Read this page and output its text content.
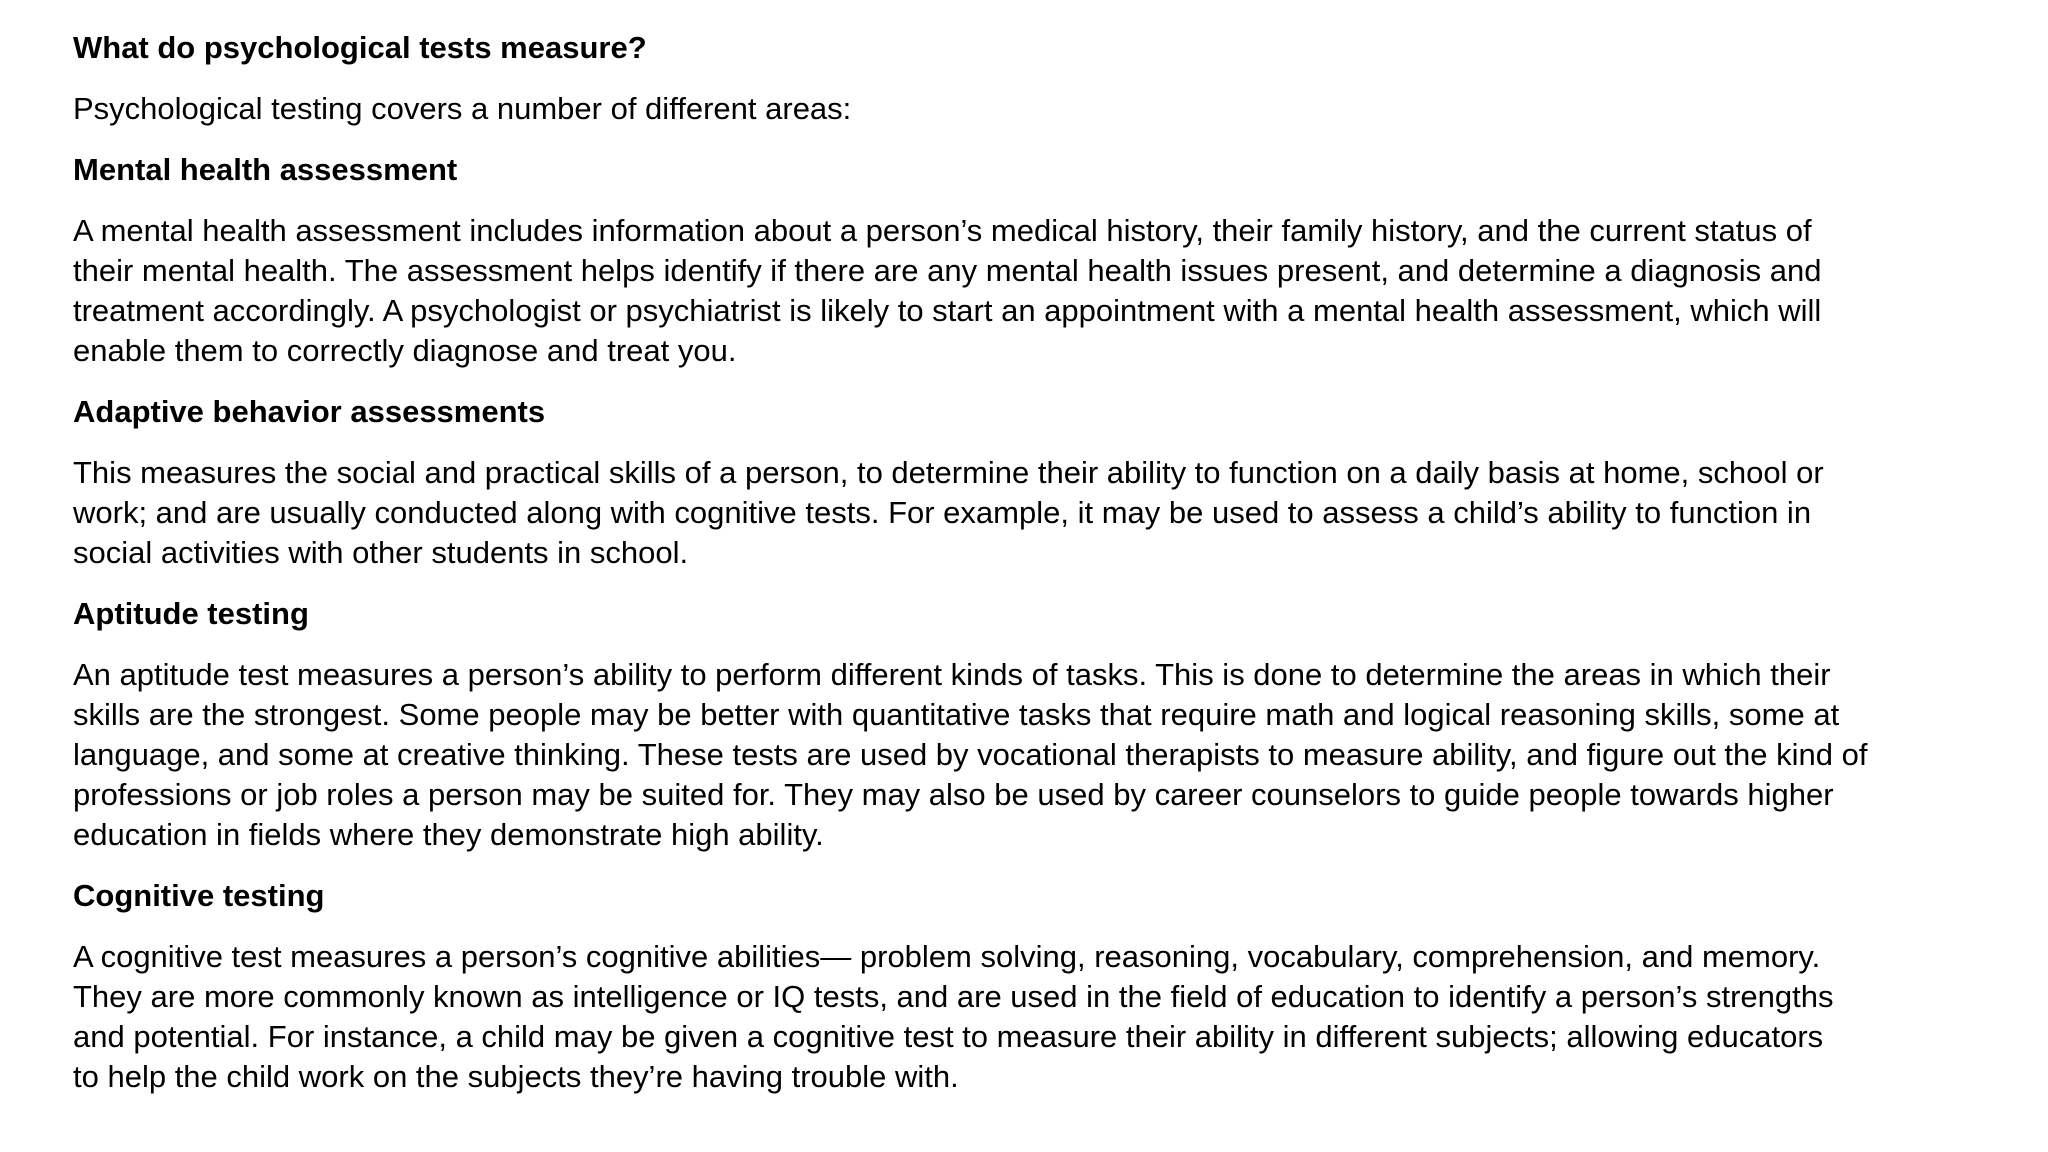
What do psychological tests measure?

Psychological testing covers a number of different areas:

Mental health assessment

A mental health assessment includes information about a person’s medical history, their family history, and the current status of

their mental health. The assessment helps identify if there are any mental health issues present, and determine a diagnosis and

treatment accordingly. A psychologist or psychiatrist is likely to start an appointment with a mental health assessment, which will

enable them to correctly diagnose and treat you.

Adaptive behavior assessments

This measures the social and practical skills of a person, to determine their ability to function on a daily basis at home, school or

work; and are usually conducted along with cognitive tests. For example, it may be used to assess a child’s ability to function in

social activities with other students in school.

Aptitude testing

An aptitude test measures a person’s ability to perform different kinds of tasks. This is done to determine the areas in which their

skills are the strongest. Some people may be better with quantitative tasks that require math and logical reasoning skills, some at

language, and some at creative thinking. These tests are used by vocational therapists to measure ability, and figure out the kind of

professions or job roles a person may be suited for. They may also be used by career counselors to guide people towards higher

education in fields where they demonstrate high ability.

Cognitive testing

A cognitive test measures a person’s cognitive abilities— problem solving, reasoning, vocabulary, comprehension, and memory.

They are more commonly known as intelligence or IQ tests, and are used in the field of education to identify a person’s strengths

and potential. For instance, a child may be given a cognitive test to measure their ability in different subjects; allowing educators

to help the child work on the subjects they’re having trouble with.
